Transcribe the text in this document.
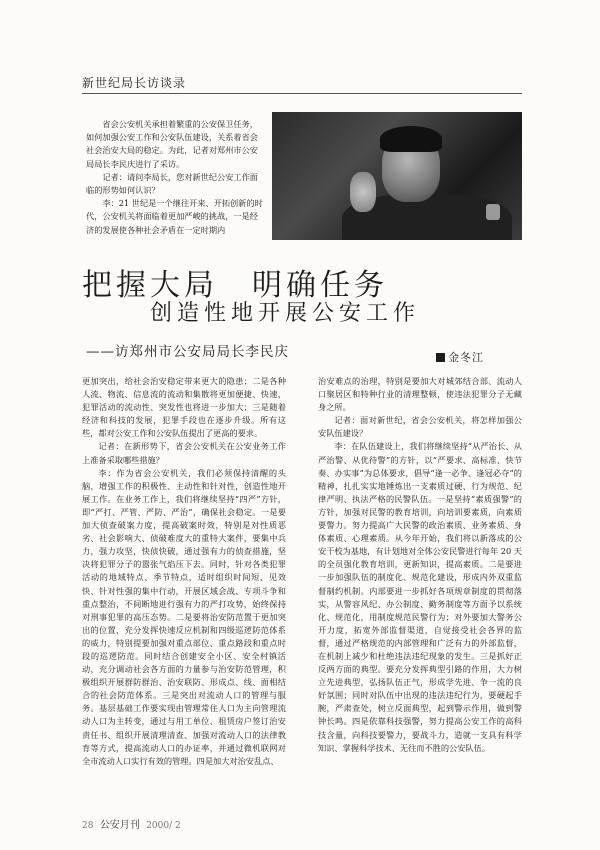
新世纪局长访谈录

省会公安机关承担着繁重的公安保卫任务，如何加强公安工作和公安队伍建设，关系着省会社会治安大局的稳定。为此，记者对郑州市公安局局长李民庆进行了采访。

记者：请问李局长，您对新世纪公安工作面临的形势如何认识？

李：21 世纪是一个继往开来、开拓创新的时代，公安机关将面临着更加严峻的挑战，一是经济的发展使各种社会矛盾在一定时期内

把握大局　明确任务
创造性地开展公安工作
——访郑州市公安局局长李民庆	金冬江

更加突出，给社会治安稳定带来更大的隐患；二是各种人流、物流、信息流的流动和集散将更加便捷、快速，犯罪活动的流动性、突发性也将进一步加大；三是随着经济和科技的发展，犯罪手段也在逐步升级。所有这些，都对公安工作和公安队伍提出了更高的要求。

记者：在新形势下，省会公安机关在公安业务工作上准备采取哪些措施？

李：作为省会公安机关，我们必须保持清醒的头脑，增强工作的积极性、主动性和针对性，创造性地开展工作。在业务工作上，我们将继续坚持“四严”方针，即“严打、严管、严防、严治”，确保社会稳定。一是要加大侦查破案力度，提高破案时效，特别是对性质恶劣、社会影响大、侦破难度大的重特大案件，要集中兵力，强力攻坚，快侦快破，通过强有力的侦查措施，坚决将犯罪分子的嚣张气焰压下去。同时，针对各类犯罪活动的地域特点、季节特点，适时组织时间短、见效快、针对性强的集中行动，开展区域会战、专项斗争和重点整治，不间断地进行强有力的严打攻势，始终保持对刑事犯罪的高压态势。二是要将治安防范置于更加突出的位置，充分发挥快速反应机制和四级巡逻防范体系的威力，特别提要加强对重点部位、重点路段和重点时段的巡逻防范。同时结合创建安全小区、安全村镇活动，充分调动社会各方面的力量参与治安防范管理，积极组织开展群防群治、治安联防、形成点、线、面相结合的社会防范体系。三是突出对流动人口的管理与服务。基层基础工作要实现由管理常住人口为主向管理流动人口为主转变，通过与用工单位、租赁房户签订治安责任书、组织开展清理清查、加强对流动人口的法律教育等方式，提高流动人口的办证率，并通过微机联网对全市流动人口实行有效的管理。四是加大对治安乱点、

治安难点的治理，特别是要加大对城郊结合部、流动人口聚居区和特种行业的清理整顿，使违法犯罪分子无藏身之所。

记者：面对新世纪，省会公安机关，将怎样加强公安队伍建设？

李：在队伍建设上，我们将继续坚持“从严治长、从严治警、从优待警”的方针，以“严要求、高标准、快节奏、办实事”为总体要求，倡导“逢一必争、逢冠必夺”的精神，扎扎实实地锤炼出一支素质过硬、行为规范、纪律严明、执法严格的民警队伍。一是坚持“素质强警”的方针，加强对民警的教育培训，向培训要素质，向素质要警力。努力提高广大民警的政治素质、业务素质、身体素质、心理素质。从今年开始，我们将以新落成的公安干校为基地，有计划地对全体公安民警进行每年 20 天的全员强化教育培训，更新知识，提高素质。二是要进一步加强队伍的制度化、规范化建设，形成内外双重监督制约机制。内部要进一步抓好各项规章制度的贯彻落实，从警容风纪、办公制度、勤务制度等方面予以系统化、规范化，用制度规范民警行为；对外要加大警务公开力度，拓宽外部监督渠道，自觉接受社会各界的监督，通过严格规范的内部管理和广泛有力的外部监督，在机制上减少和杜绝违法违纪现象的发生。三是抓好正反两方面的典型。要充分发挥典型引路的作用，大力树立先进典型，弘扬队伍正气，形成学先进、争一流的良好氛围；同时对队伍中出现的违法违纪行为，要硬起手腕，严肃查处，树立反面典型，起到警示作用，做到警钟长鸣。四是依靠科技强警，努力提高公安工作的高科技含量，向科技要警力，要战斗力，造就一支具有科学知识、掌握科学技术、无往而不胜的公安队伍。

28 公安月刊 2000/ 2
